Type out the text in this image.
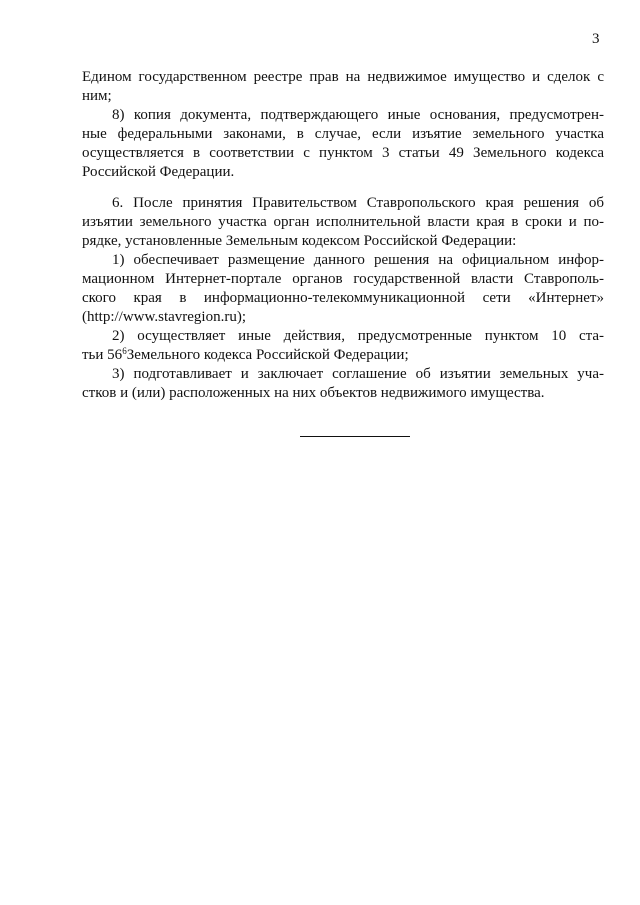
3
Едином государственном реестре прав на недвижимое имущество и сделок с
ним;
8) копия документа, подтверждающего иные основания, предусмотрен-
ные федеральными законами, в случае, если изъятие земельного участка
осуществляется в соответствии с пунктом 3 статьи 49 Земельного кодекса
Российской Федерации.
6. После принятия Правительством Ставропольского края решения об
изъятии земельного участка орган исполнительной власти края в сроки и по-
рядке, установленные Земельным кодексом Российской Федерации:
1) обеспечивает размещение данного решения на официальном инфор-
мационном Интернет-портале органов государственной власти Ставрополь-
ского края в информационно-телекоммуникационной сети «Интернет»
(http://www.stavregion.ru);
2) осуществляет иные действия, предусмотренные пунктом 10 ста-
тьи $56^6Земельного$ кодекса Российской Федерации;
3) подготавливает и заключает соглашение об изъятии земельных уча-
стков и (или) расположенных на них объектов недвижимого имущества.
